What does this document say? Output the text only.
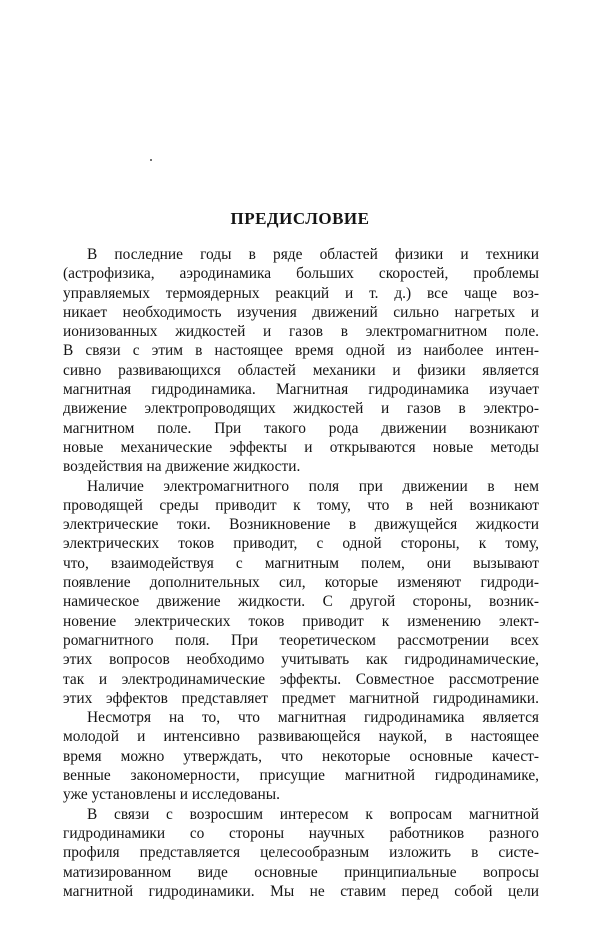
ПРЕДИСЛОВИЕ
В последние годы в ряде областей физики и техники
(астрофизика, аэродинамика больших скоростей, проблемы
управляемых термоядерных реакций и т. д.) все чаще воз-
никает необходимость изучения движений сильно нагретых и
ионизованных жидкостей и газов в электромагнитном поле.
В связи с этим в настоящее время одной из наиболее интен-
сивно развивающихся областей механики и физики является
магнитная гидродинамика. Магнитная гидродинамика изучает
движение электропроводящих жидкостей и газов в электро-
магнитном поле. При такого рода движении возникают
новые механические эффекты и открываются новые методы
воздействия на движение жидкости.
Наличие электромагнитного поля при движении в нем
проводящей среды приводит к тому, что в ней возникают
электрические токи. Возникновение в движущейся жидкости
электрических токов приводит, с одной стороны, к тому,
что, взаимодействуя с магнитным полем, они вызывают
появление дополнительных сил, которые изменяют гидроди-
намическое движение жидкости. С другой стороны, возник-
новение электрических токов приводит к изменению элект-
ромагнитного поля. При теоретическом рассмотрении всех
этих вопросов необходимо учитывать как гидродинамические,
так и электродинамические эффекты. Совместное рассмотрение
этих эффектов представляет предмет магнитной гидродинамики.
Несмотря на то, что магнитная гидродинамика является
молодой и интенсивно развивающейся наукой, в настоящее
время можно утверждать, что некоторые основные качест-
венные закономерности, присущие магнитной гидродинамике,
уже установлены и исследованы.
В связи с возросшим интересом к вопросам магнитной
гидродинамики со стороны научных работников разного
профиля представляется целесообразным изложить в систе-
матизированном виде основные принципиальные вопросы
магнитной гидродинамики. Мы не ставим перед собой цели
